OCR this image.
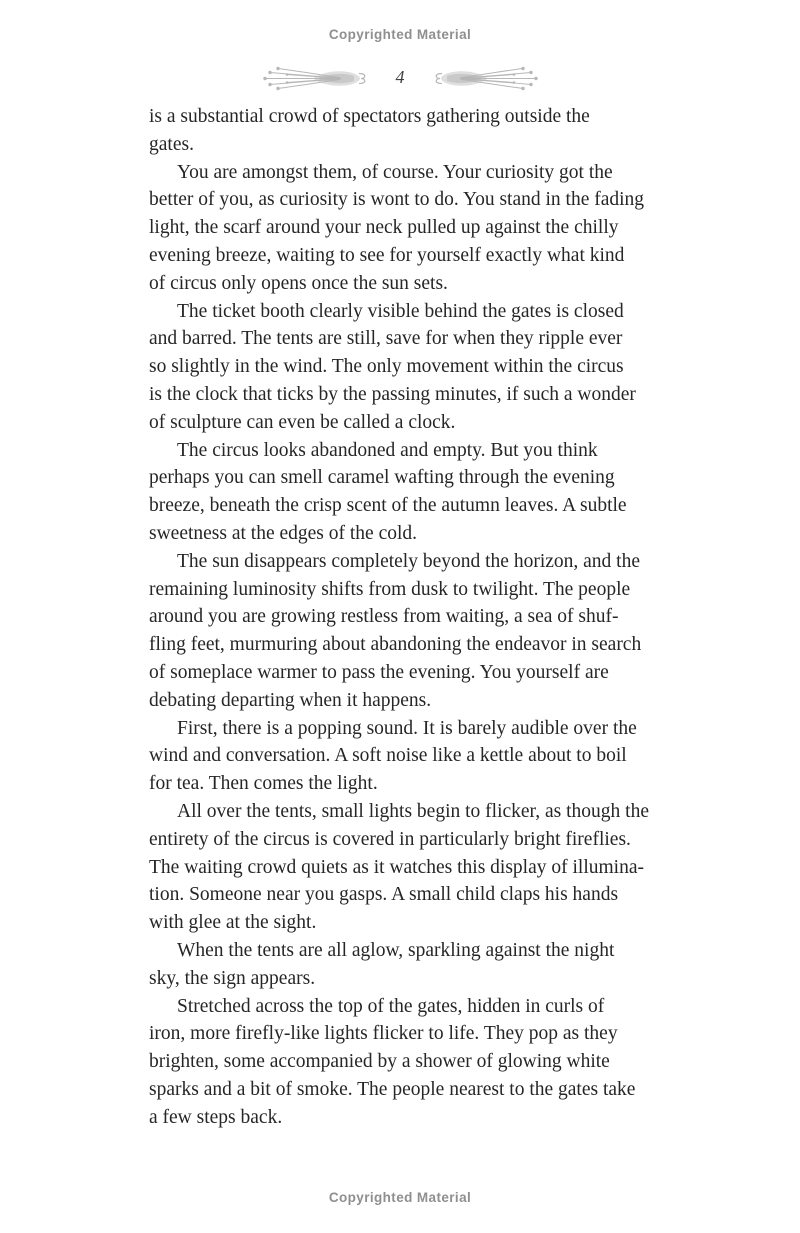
Copyrighted Material
4

is a substantial crowd of spectators gathering outside the
gates.

You are amongst them, of course. Your curiosity got the
better of you, as curiosity is wont to do. You stand in the fading
light, the scarf around your neck pulled up against the chilly
evening breeze, waiting to see for yourself exactly what kind
of circus only opens once the sun sets.

The ticket booth clearly visible behind the gates is closed
and barred. The tents are still, save for when they ripple ever
so slightly in the wind. The only movement within the circus
is the clock that ticks by the passing minutes, if such a wonder
of sculpture can even be called a clock.

The circus looks abandoned and empty. But you think
perhaps you can smell caramel wafting through the evening
breeze, beneath the crisp scent of the autumn leaves. A subtle
sweetness at the edges of the cold.

The sun disappears completely beyond the horizon, and the
remaining luminosity shifts from dusk to twilight. The people
around you are growing restless from waiting, a sea of shuf-
fling feet, murmuring about abandoning the endeavor in search
of someplace warmer to pass the evening. You yourself are
debating departing when it happens.

First, there is a popping sound. It is barely audible over the
wind and conversation. A soft noise like a kettle about to boil
for tea. Then comes the light.

All over the tents, small lights begin to flicker, as though the
entirety of the circus is covered in particularly bright fireflies.
The waiting crowd quiets as it watches this display of illumina-
tion. Someone near you gasps. A small child claps his hands
with glee at the sight.

When the tents are all aglow, sparkling against the night
sky, the sign appears.

Stretched across the top of the gates, hidden in curls of
iron, more firefly-like lights flicker to life. They pop as they
brighten, some accompanied by a shower of glowing white
sparks and a bit of smoke. The people nearest to the gates take
a few steps back.

Copyrighted Material
